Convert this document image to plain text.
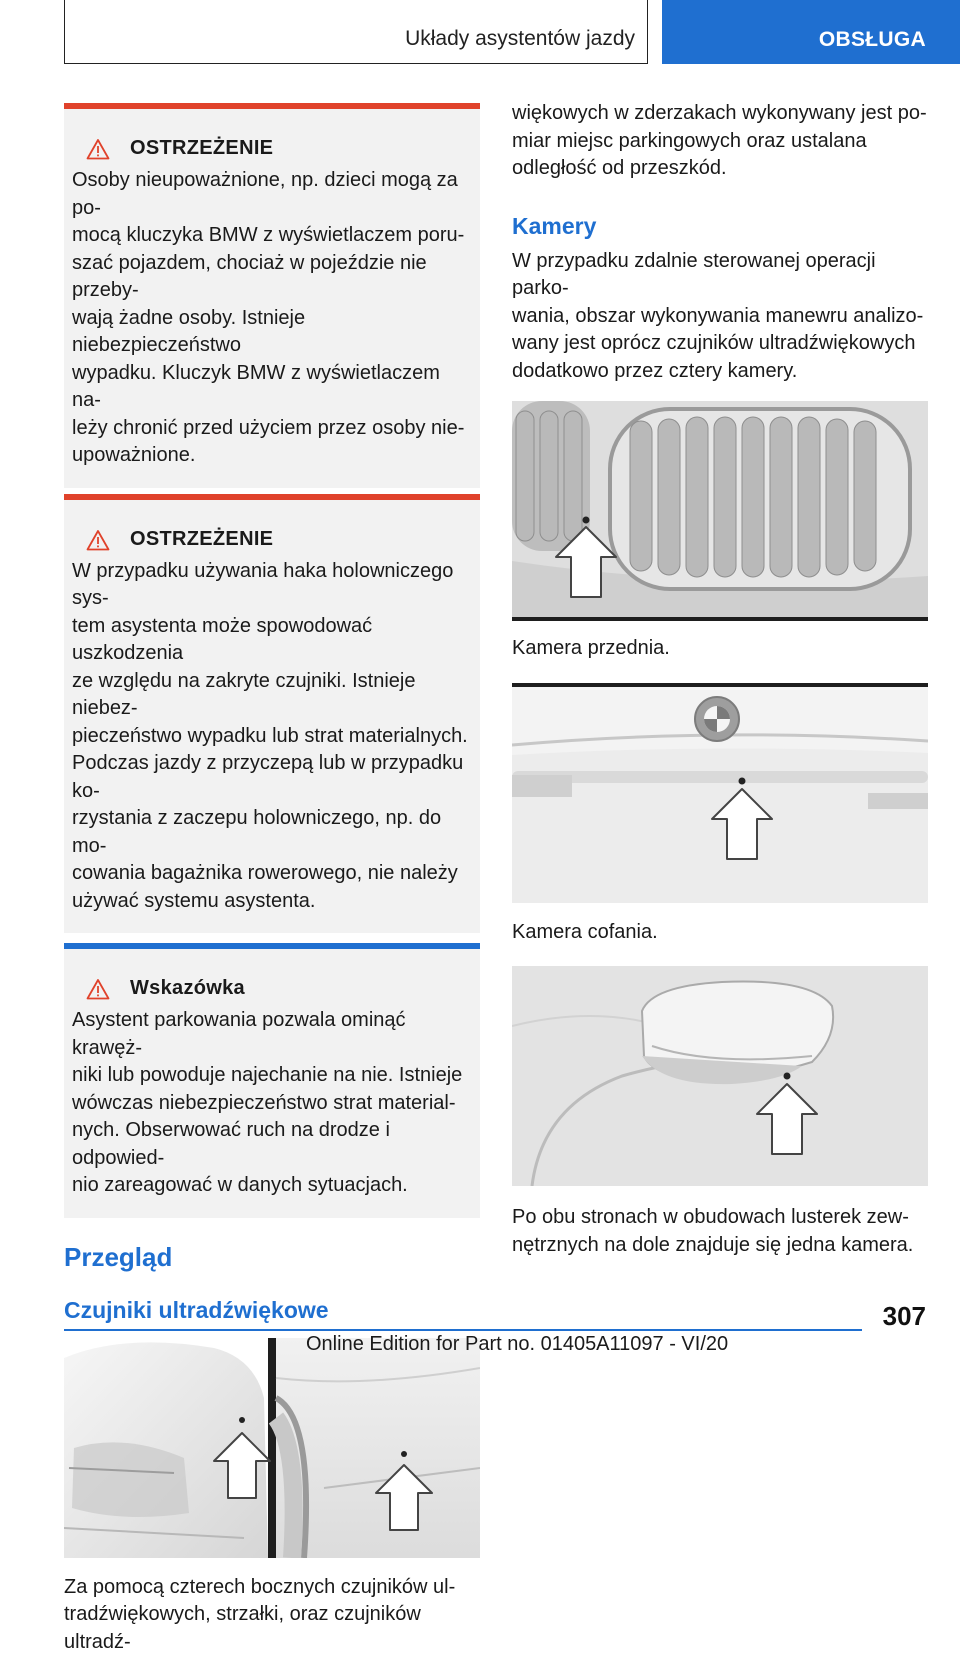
Układy asystentów jazdy	OBSŁUGA
OSTRZEŻENIE

Osoby nieupoważnione, np. dzieci mogą za po-
mocą kluczyka BMW z wyświetlaczem poru-
szać pojazdem, chociaż w pojeździe nie przeby-
wają żadne osoby. Istnieje niebezpieczeństwo
wypadku. Kluczyk BMW z wyświetlaczem na-
leży chronić przed użyciem przez osoby nie-
upoważnione.

OSTRZEŻENIE

W przypadku używania haka holowniczego sys-
tem asystenta może spowodować uszkodzenia
ze względu na zakryte czujniki. Istnieje niebez-
pieczeństwo wypadku lub strat materialnych.
Podczas jazdy z przyczepą lub w przypadku ko-
rzystania z zaczepu holowniczego, np. do mo-
cowania bagażnika rowerowego, nie należy
używać systemu asystenta.

Wskazówka

Asystent parkowania pozwala ominąć krawęż-
niki lub powoduje najechanie na nie. Istnieje
wówczas niebezpieczeństwo strat material-
nych. Obserwować ruch na drodze i odpowied-
nio zareagować w danych sytuacjach.

Przegląd
Czujniki ultradźwiękowe

Za pomocą czterech bocznych czujników ul-
tradźwiękowych, strzałki, oraz czujników ultradź-

więkowych w zderzakach wykonywany jest po-
miar miejsc parkingowych oraz ustalana
odległość od przeszkód.

Kamery

W przypadku zdalnie sterowanej operacji parko-
wania, obszar wykonywania manewru analizo-
wany jest oprócz czujników ultradźwiękowych
dodatkowo przez cztery kamery.

Kamera przednia.

Kamera cofania.

Po obu stronach w obudowach lusterek zew-
nętrznych na dole znajduje się jedna kamera.

307
Online Edition for Part no. 01405A11097 - VI/20
